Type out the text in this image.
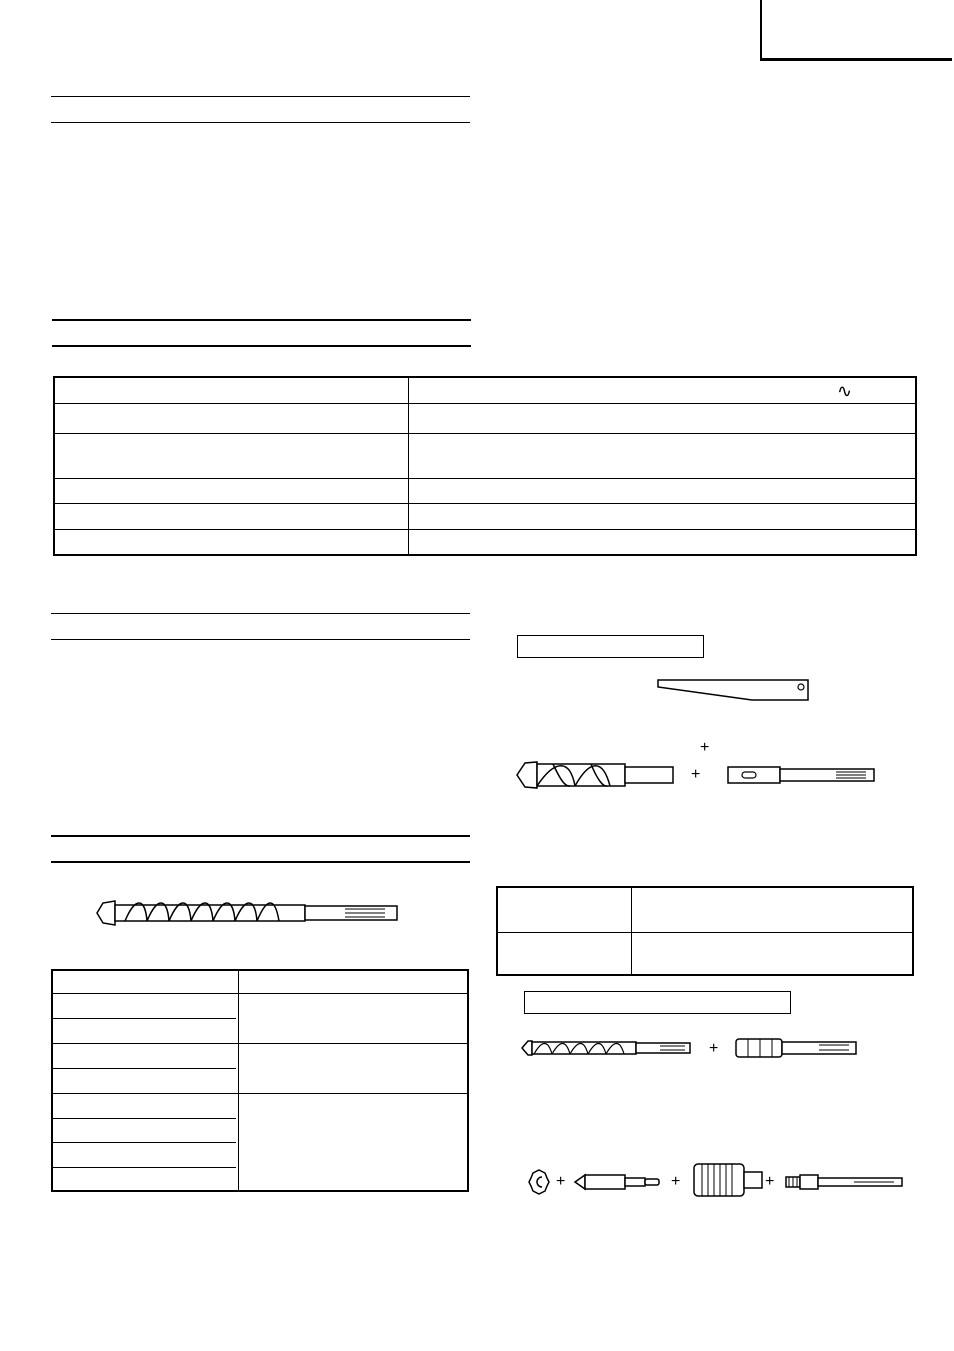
∿
+
+
+
+	+	+
